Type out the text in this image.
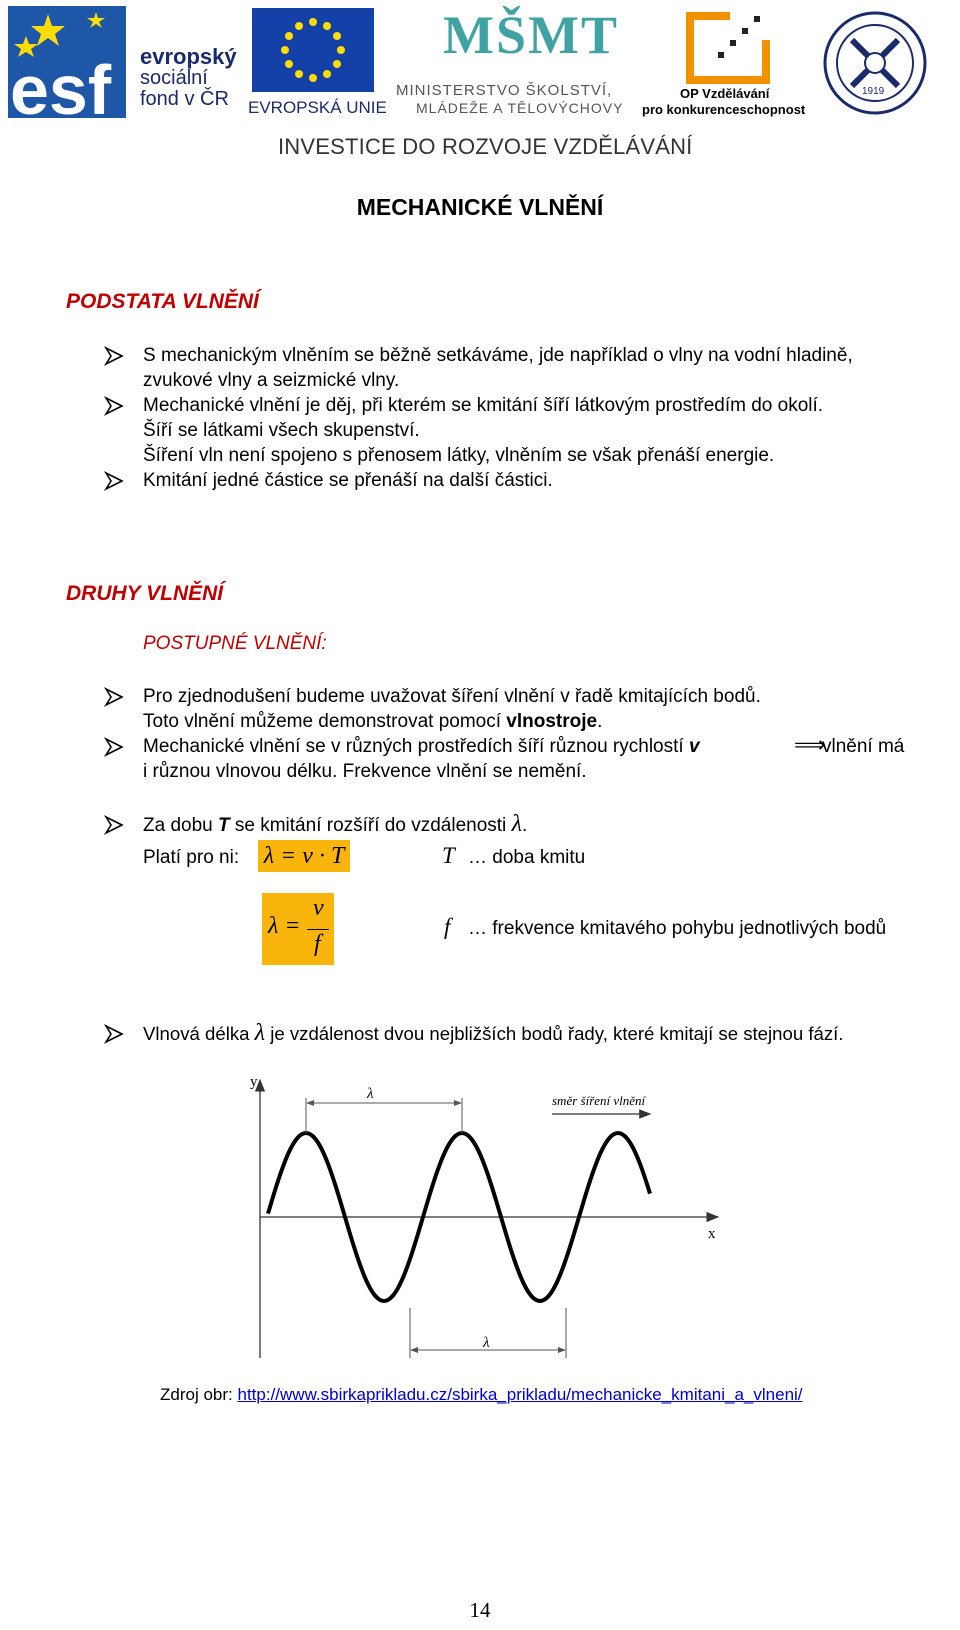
esf evropský
sociální
fond v ČR EVROPSKÁ UNIE
MŠMT
MINISTERSTVO ŠKOLSTVÍ,
MLÁDEŽE A TĚLOVÝCHOVY
OP Vzdělávání
pro konkurenceschopnost
1919
INVESTICE DO ROZVOJE VZDĚLÁVÁNÍ
MECHANICKÉ VLNĚNÍ
PODSTATA VLNĚNÍ
S mechanickým vlněním se běžně setkáváme, jde například o vlny na vodní hladině,
zvukové vlny a seizmické vlny.
Mechanické vlnění je děj, při kterém se kmitání šíří látkovým prostředím do okolí.
Šíří se látkami všech skupenství.
Šíření vln není spojeno s přenosem látky, vlněním se však přenáší energie.
Kmitání jedné částice se přenáší na další částici.
DRUHY VLNĚNÍ
POSTUPNÉ VLNĚNÍ:
Pro zjednodušení budeme uvažovat šíření vlnění v řadě kmitajících bodů.
Toto vlnění můžeme demonstrovat pomocí vlnostroje.
Mechanické vlnění se v různých prostředích šíří různou rychlostí v	⟹
vlnění má
i různou vlnovou délku. Frekvence vlnění se nemění.
Za dobu T se kmitání rozšíří do vzdálenosti λ.
Platí pro ni: λ = v · T	T … doba kmitu
λ =
v
f
f … frekvence kmitavého pohybu jednotlivých bodů
Vlnová délka λ je vzdálenost dvou nejbližších bodů řady, které kmitají se stejnou fází.
y
x
λ
λ
směr šíření vlnění
Zdroj obr: http://www.sbirkaprikladu.cz/sbirka_prikladu/mechanicke_kmitani_a_vlneni/
14
